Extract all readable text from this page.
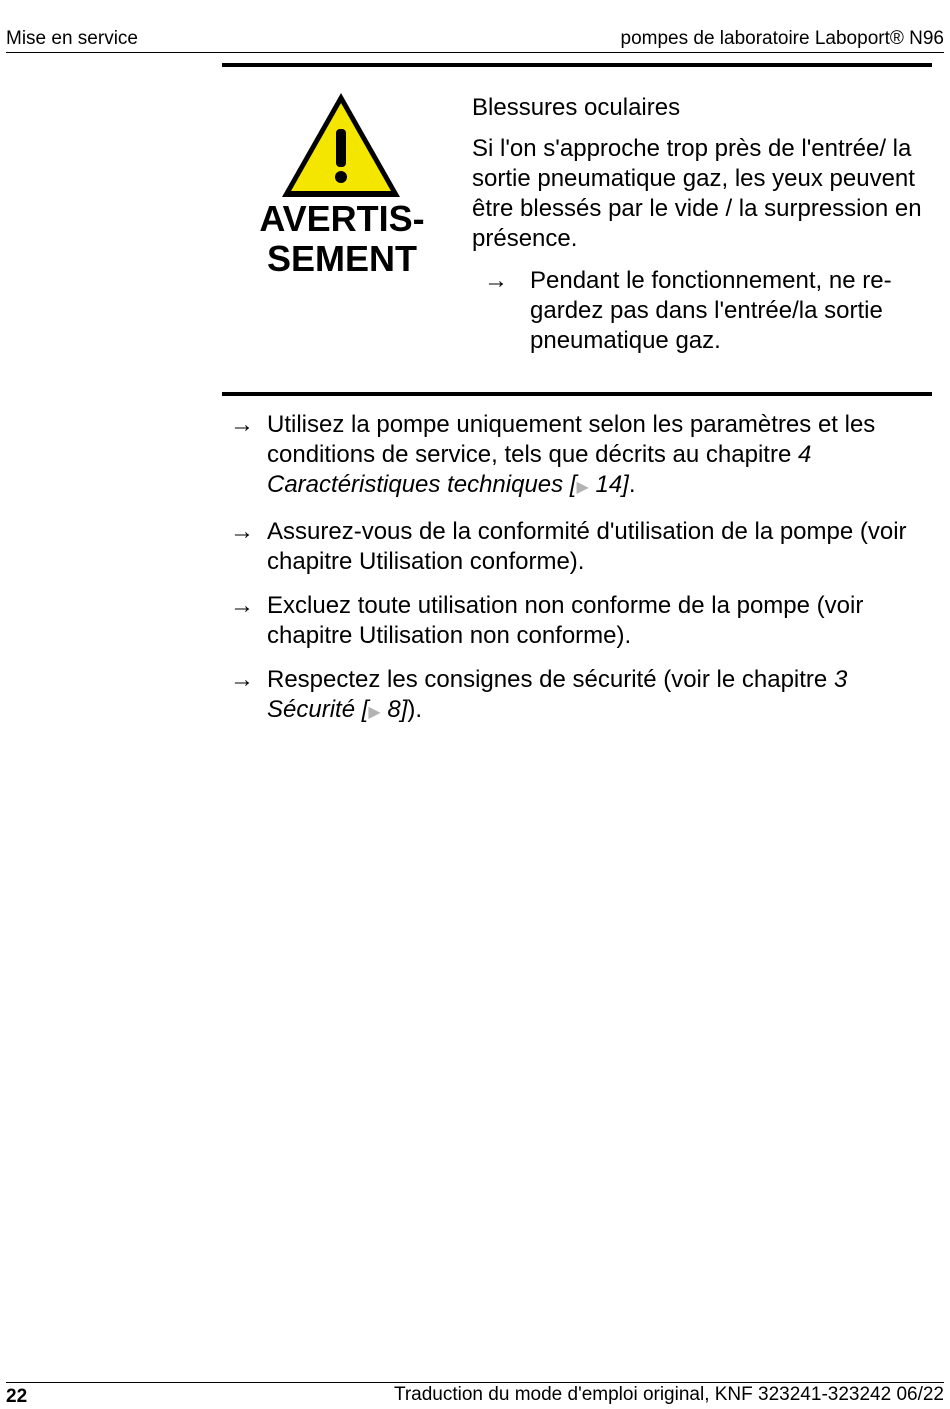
Mise en service	pompes de laboratoire Laboport® N96
AVERTIS-
SEMENT
Blessures oculaires
Si l'on s'approche trop près de l'entrée/ la sortie pneumatique gaz, les yeux peuvent être blessés par le vide / la surpression en présence.
→ Pendant le fonctionnement, ne regardez pas dans l'entrée/la sortie pneumatique gaz.
→ Utilisez la pompe uniquement selon les paramètres et les conditions de service, tels que décrits au chapitre 4 Caractéristiques techniques [▶ 14].
→ Assurez-vous de la conformité d'utilisation de la pompe (voir chapitre Utilisation conforme).
→ Excluez toute utilisation non conforme de la pompe (voir chapitre Utilisation non conforme).
→ Respectez les consignes de sécurité (voir le chapitre 3 Sécurité [▶ 8]).
22	Traduction du mode d'emploi original, KNF 323241-323242 06/22
